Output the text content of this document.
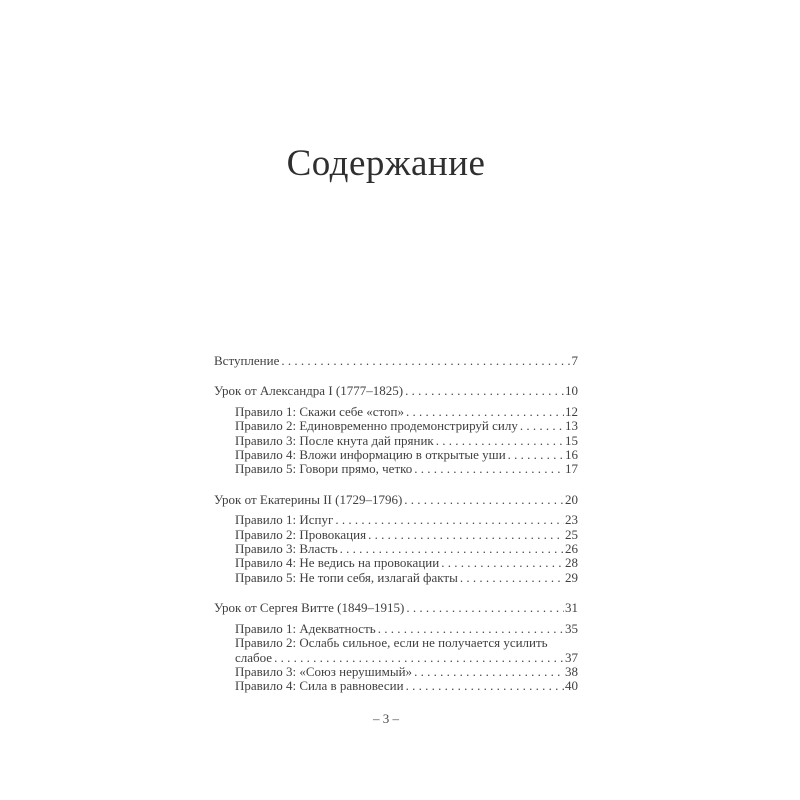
Содержание
Вступление . . .	7
Урок от Александра I (1777–1825) . . .	10
Правило 1: Скажи себе «стоп» . . .	12
Правило 2: Единовременно продемонстрируй силу . . .	13
Правило 3: После кнута дай пряник . . .	15
Правило 4: Вложи информацию в открытые уши . . .	16
Правило 5: Говори прямо, четко . . .	17
Урок от Екатерины II (1729–1796) . . .	20
Правило 1: Испуг . . .	23
Правило 2: Провокация . . .	25
Правило 3: Власть . . .	26
Правило 4: Не ведись на провокации . . .	28
Правило 5: Не топи себя, излагай факты . . .	29
Урок от Сергея Витте (1849–1915) . . .	31
Правило 1: Адекватность . . .	35
Правило 2: Ослабь сильное, если не получается усилить
слабое . . .	37
Правило 3: «Союз нерушимый» . . .	38
Правило 4: Сила в равновесии . . .	40
– 3 –
